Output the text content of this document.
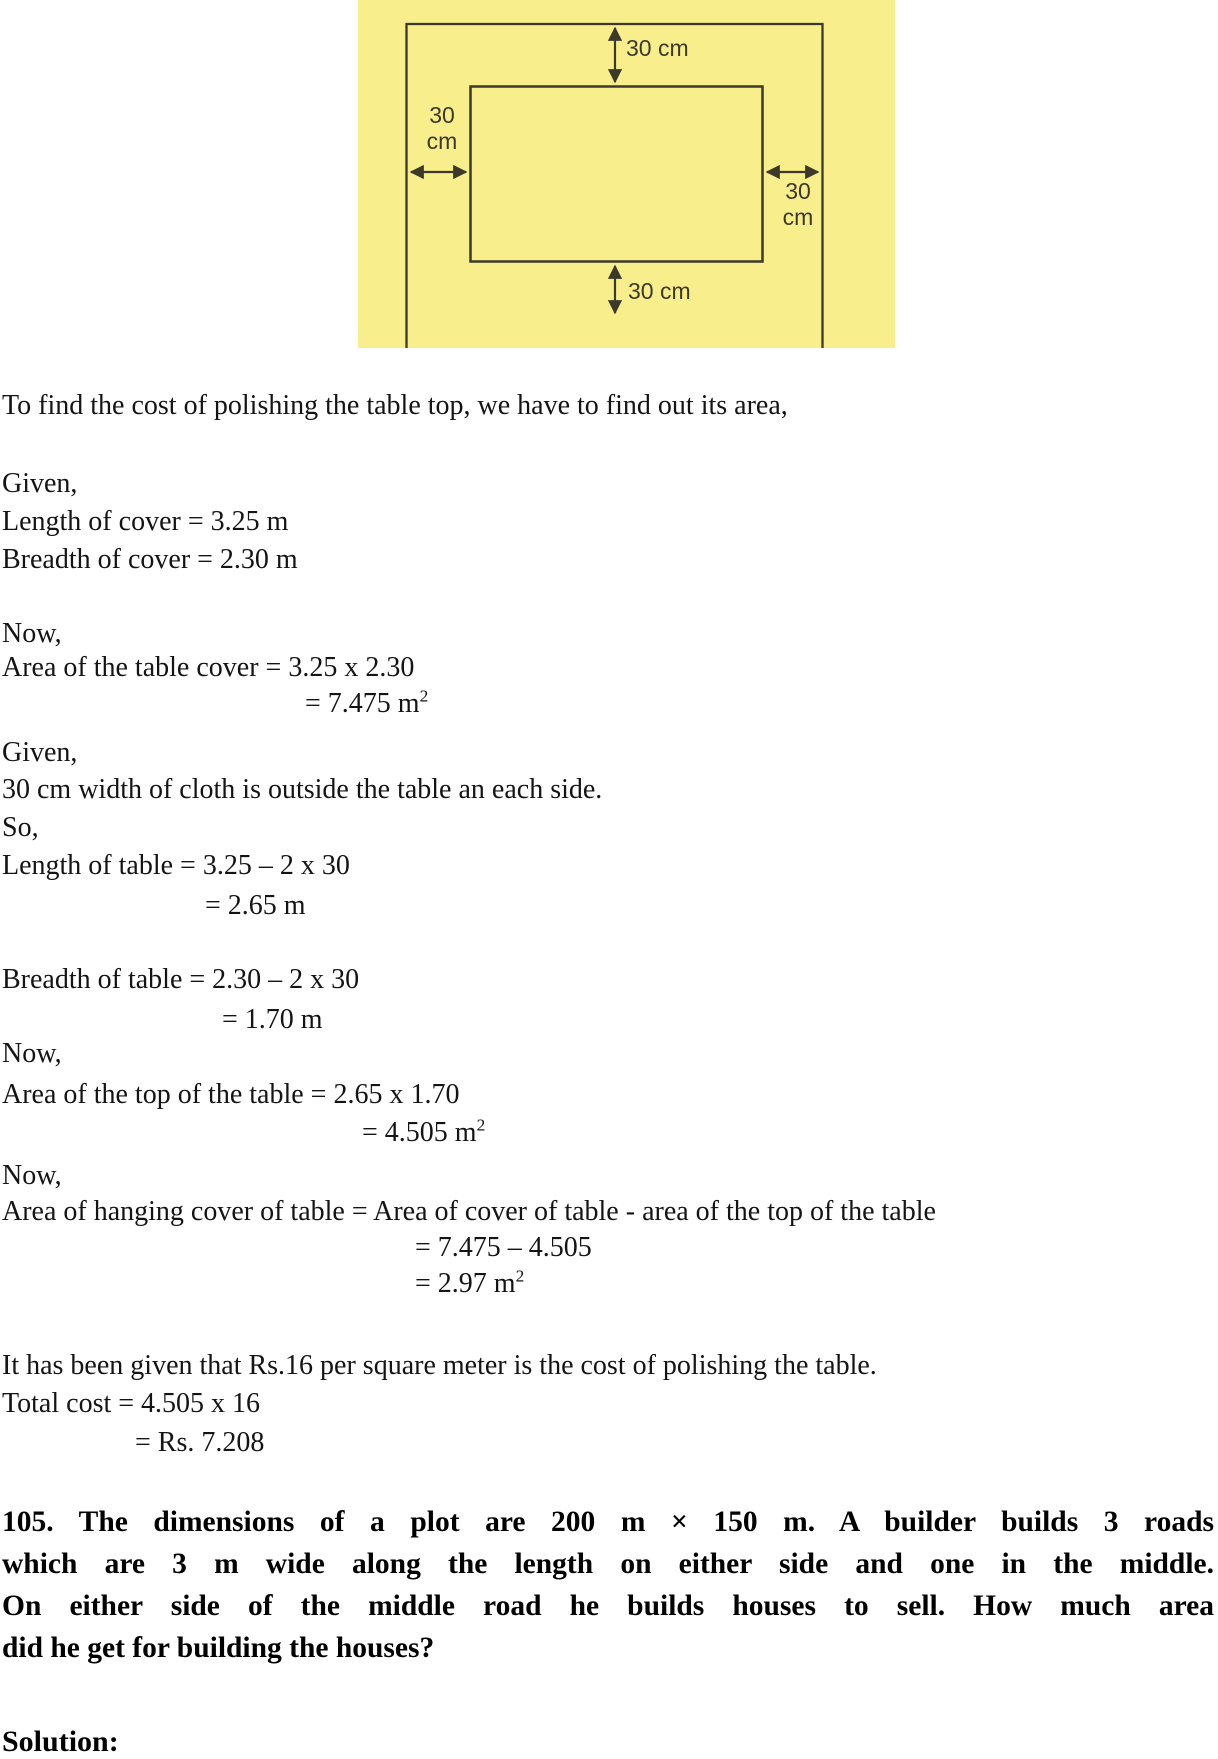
30 cm
30
cm
30
cm
30 cm
To find the cost of polishing the table top, we have to find out its area,
Given,
Length of cover = 3.25 m
Breadth of cover = 2.30 m
Now,
Area of the table cover = 3.25 x 2.30
= 7.475 $m^2$
Given,
30 cm width of cloth is outside the table an each side.
So,
Length of table = 3.25 – 2 x 30
= 2.65 m
Breadth of table = 2.30 – 2 x 30
= 1.70 m
Now,
Area of the top of the table = 2.65 x 1.70
= 4.505 $m^2$
Now,
Area of hanging cover of table = Area of cover of table - area of the top of the table
= 7.475 – 4.505
= 2.97 $m^2$
It has been given that Rs.16 per square meter is the cost of polishing the table.
Total cost = 4.505 x 16
= Rs. 7.208
105. The dimensions of a plot are 200 m × 150 m. A builder builds 3 roads
which are 3 m wide along the length on either side and one in the middle.
On either side of the middle road he builds houses to sell. How much area
did he get for building the houses?
Solution:
